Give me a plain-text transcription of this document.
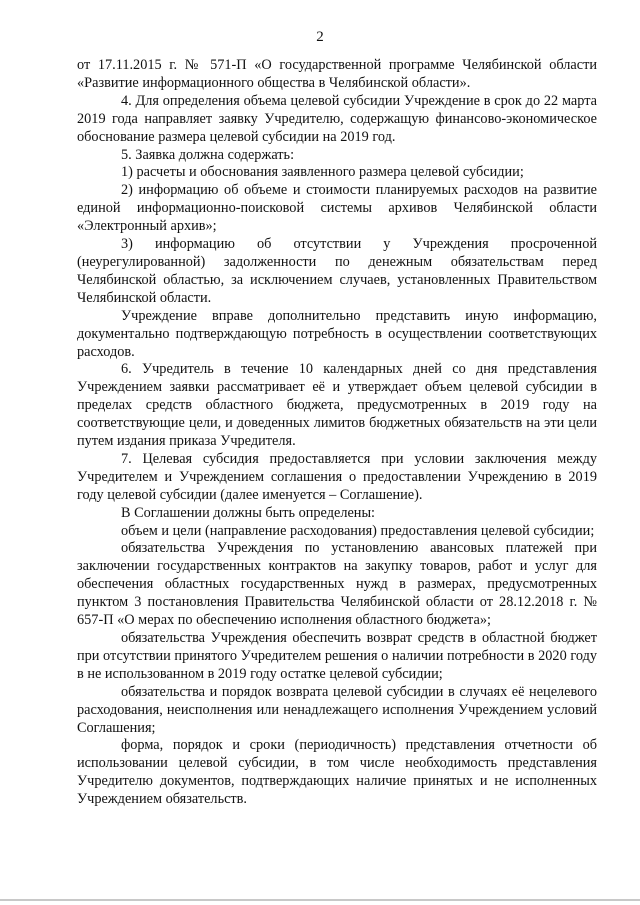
2

от 17.11.2015 г. № 571-П «О государственной программе Челябинской области «Развитие информационного общества в Челябинской области».

4. Для определения объема целевой субсидии Учреждение в срок до 22 марта 2019 года направляет заявку Учредителю, содержащую финансово-экономическое обоснование размера целевой субсидии на 2019 год.

5. Заявка должна содержать:

1) расчеты и обоснования заявленного размера целевой субсидии;

2) информацию об объеме и стоимости планируемых расходов на развитие единой информационно-поисковой системы архивов Челябинской области «Электронный архив»;

3) информацию об отсутствии у Учреждения просроченной (неурегулированной) задолженности по денежным обязательствам перед Челябинской областью, за исключением случаев, установленных Правительством Челябинской области.

Учреждение вправе дополнительно представить иную информацию, документально подтверждающую потребность в осуществлении соответствующих расходов.

6. Учредитель в течение 10 календарных дней со дня представления Учреждением заявки рассматривает её и утверждает объем целевой субсидии в пределах средств областного бюджета, предусмотренных в 2019 году на соответствующие цели, и доведенных лимитов бюджетных обязательств на эти цели путем издания приказа Учредителя.

7. Целевая субсидия предоставляется при условии заключения между Учредителем и Учреждением соглашения о предоставлении Учреждению в 2019 году целевой субсидии (далее именуется – Соглашение).

В Соглашении должны быть определены:

объем и цели (направление расходования) предоставления целевой субсидии;

обязательства Учреждения по установлению авансовых платежей при заключении государственных контрактов на закупку товаров, работ и услуг для обеспечения областных государственных нужд в размерах, предусмотренных пунктом 3 постановления Правительства Челябинской области от 28.12.2018 г. № 657-П «О мерах по обеспечению исполнения областного бюджета»;

обязательства Учреждения обеспечить возврат средств в областной бюджет при отсутствии принятого Учредителем решения о наличии потребности в 2020 году в не использованном в 2019 году остатке целевой субсидии;

обязательства и порядок возврата целевой субсидии в случаях её нецелевого расходования, неисполнения или ненадлежащего исполнения Учреждением условий Соглашения;

форма, порядок и сроки (периодичность) представления отчетности об использовании целевой субсидии, в том числе необходимость представления Учредителю документов, подтверждающих наличие принятых и не исполненных Учреждением обязательств.
